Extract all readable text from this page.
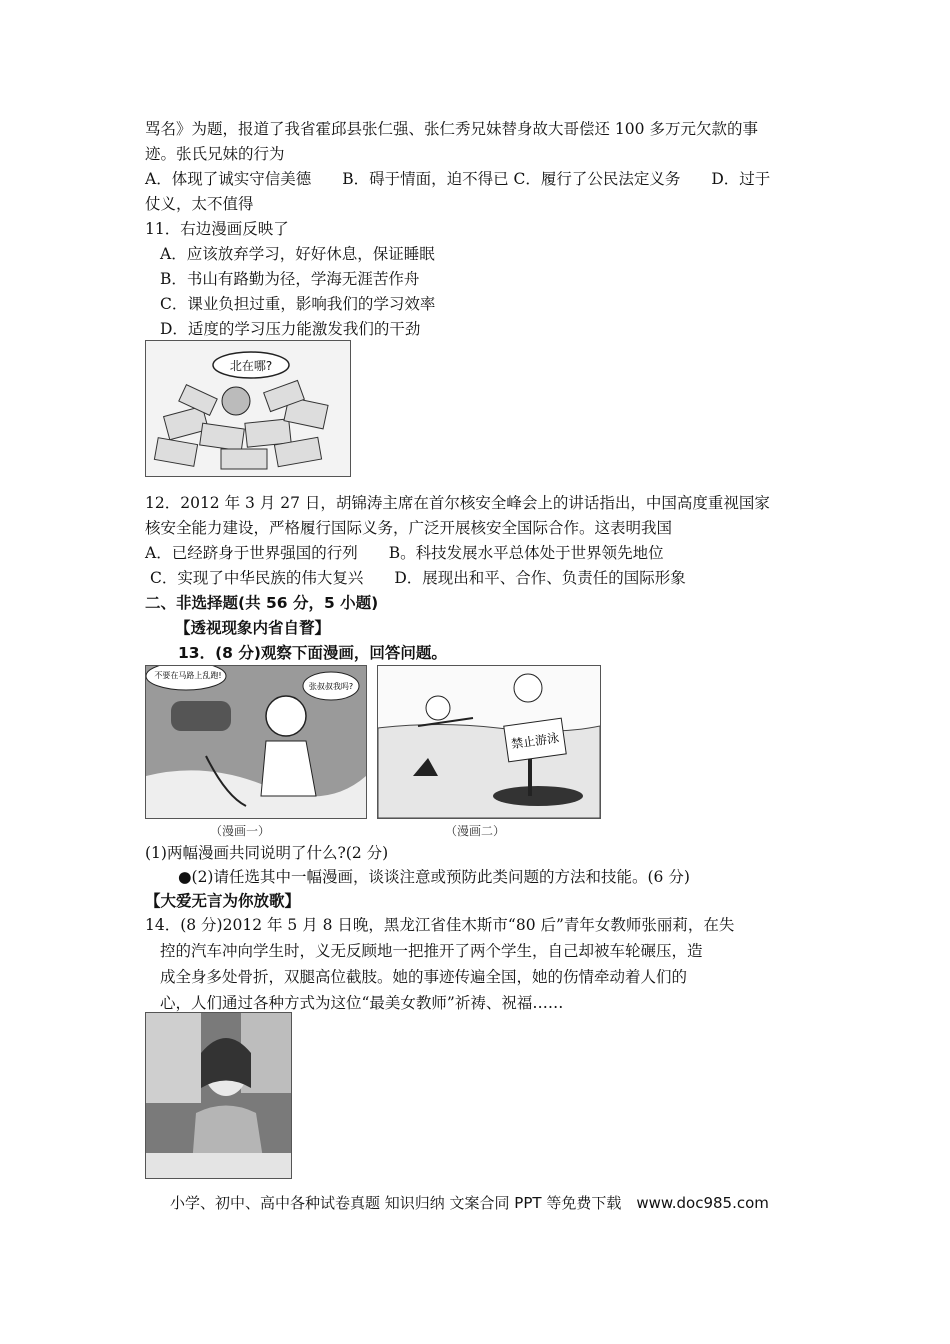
骂名》为题，报道了我省霍邱县张仁强、张仁秀兄妹替身故大哥偿还 100 多万元欠款的事
迹。张氏兄妹的行为
A．体现了诚实守信美德　　B．碍于情面，迫不得已 C．履行了公民法定义务　　D．过于
仗义，太不值得
11．右边漫画反映了
A．应该放弃学习，好好休息，保证睡眠
B．书山有路勤为径，学海无涯苦作舟
C．课业负担过重，影响我们的学习效率
D．适度的学习压力能激发我们的干劲
北在哪?
12．2012 年 3 月 27 日，胡锦涛主席在首尔核安全峰会上的讲话指出，中国高度重视国家
核安全能力建设，严格履行国际义务，广泛开展核安全国际合作。这表明我国
A．已经跻身于世界强国的行列　　B。科技发展水平总体处于世界领先地位
C．实现了中华民族的伟大复兴　　D．展现出和平、合作、负责任的国际形象
二、非选择题(共 56 分，5 小题)
【透视现象内省自瞀】
13．(8 分)观察下面漫画，回答问题。
不要在马路上乱跑!
张叔叔我吗?
（漫画一）
禁止游泳
（漫画二）
(1)两幅漫画共同说明了什么?(2 分)
●(2)请任选其中一幅漫画，谈谈注意或预防此类问题的方法和技能。(6 分)
【大爱无言为你放歌】
14．(8 分)2012 年 5 月 8 日晚，黑龙江省佳木斯市“80 后”青年女教师张丽莉，在失
控的汽车冲向学生时，义无反顾地一把推开了两个学生，自己却被车轮碾压，造
成全身多处骨折，双腿高位截肢。她的事迹传遍全国，她的伤情牵动着人们的
心，人们通过各种方式为这位“最美女教师”祈祷、祝福……
小学、初中、高中各种试卷真题 知识归纳 文案合同 PPT 等免费下载　www.doc985.com
